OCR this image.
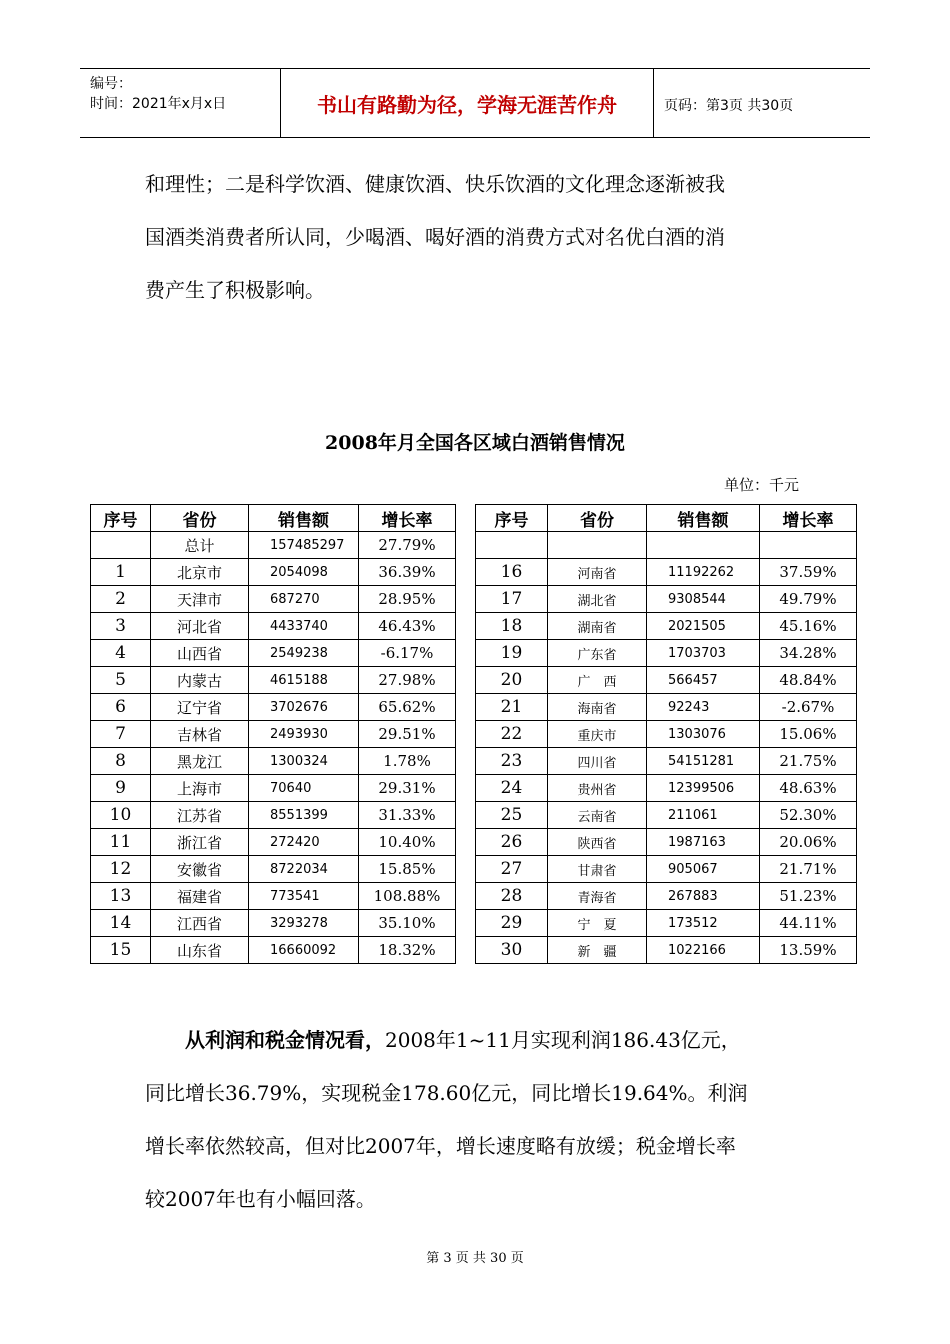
编号：
时间：2021年x月x日	书山有路勤为径，学海无涯苦作舟	页码：第3页 共30页

和理性；二是科学饮酒、健康饮酒、快乐饮酒的文化理念逐渐被我

国酒类消费者所认同，少喝酒、喝好酒的消费方式对名优白酒的消

费产生了积极影响。

2008年月全国各区域白酒销售情况
单位：千元
序号	省份	销售额	增长率
	总计	157485297	27.79%
1	北京市	2054098	36.39%
2	天津市	687270	28.95%
3	河北省	4433740	46.43%
4	山西省	2549238	-6.17%
5	内蒙古	4615188	27.98%
6	辽宁省	3702676	65.62%
7	吉林省	2493930	29.51%
8	黑龙江	1300324	1.78%
9	上海市	70640	29.31%
10	江苏省	8551399	31.33%
11	浙江省	272420	10.40%
12	安徽省	8722034	15.85%
13	福建省	773541	108.88%
14	江西省	3293278	35.10%
15	山东省	16660092	18.32%
序号	省份	销售额	增长率

16	河南省	11192262	37.59%
17	湖北省	9308544	49.79%
18	湖南省	2021505	45.16%
19	广东省	1703703	34.28%
20	广　西	566457	48.84%
21	海南省	92243	-2.67%
22	重庆市	1303076	15.06%
23	四川省	54151281	21.75%
24	贵州省	12399506	48.63%
25	云南省	211061	52.30%
26	陕西省	1987163	20.06%
27	甘肃省	905067	21.71%
28	青海省	267883	51.23%
29	宁　夏	173512	44.11%
30	新　疆	1022166	13.59%

从利润和税金情况看，2008年1~11月实现利润186.43亿元，

同比增长36.79%，实现税金178.60亿元，同比增长19.64%。利润

增长率依然较高，但对比2007年，增长速度略有放缓；税金增长率

较2007年也有小幅回落。

第 3 页 共 30 页
